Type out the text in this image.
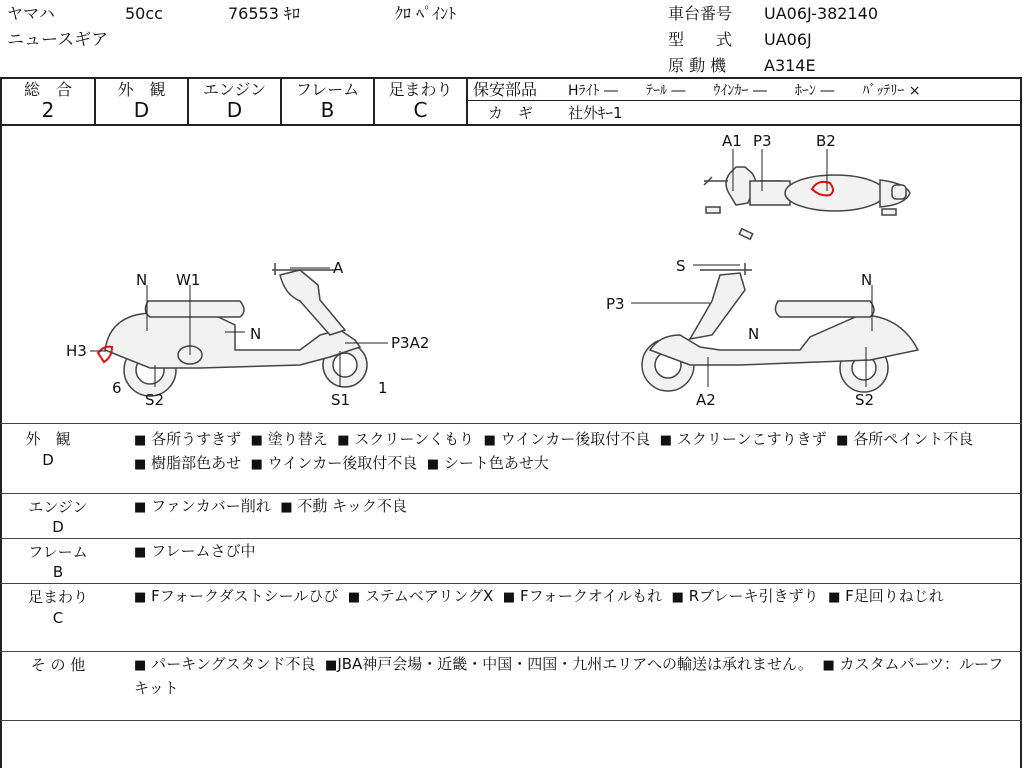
ヤマハ	50cc	76553 ｷﾛ	ｸﾛ ﾍﾟｲﾝﾄ
ニュースギア
車台番号 UA06J-382140
型　　式 UA06J
原 動 機 A314E
総　合
2
外　観
D
エンジン
D
フレーム
B
足まわり
C
保安部品 Hﾗｲﾄ ―　　ﾃｰﾙ ―　　ｳｲﾝｶｰ ―　　ﾎｰﾝ ―　　ﾊﾞｯﾃﾘｰ ×
カ　ギ 社外ｷｰ1
A1 P3	B2
N W1
A
N
H3	P3A2
6
S2	S1
1
S
N
P3
N
A2	S2
外　観
D
■ 各所うすきず ■ 塗り替え ■ スクリーンくもり ■ ウインカー後取付不良 ■ スクリーンこすりきず ■ 各所ペイント不良  ■ 樹脂部色あせ ■ ウインカー後取付不良 ■ シート色あせ大
エンジン
D
■ ファンカバー削れ ■ 不動 キック不良
フレーム
B
■ フレームさび中
足まわり
C
■ Fフォークダストシールひび ■ ステムベアリングX ■ Fフォークオイルもれ ■ Rブレーキ引きずり ■ F足回りねじれ
そ の 他	■ パーキングスタンド不良 ■JBA神戸会場・近畿・中国・四国・九州エリアへの輸送は承れません。 ■ カスタムパーツ：ルーフキット
